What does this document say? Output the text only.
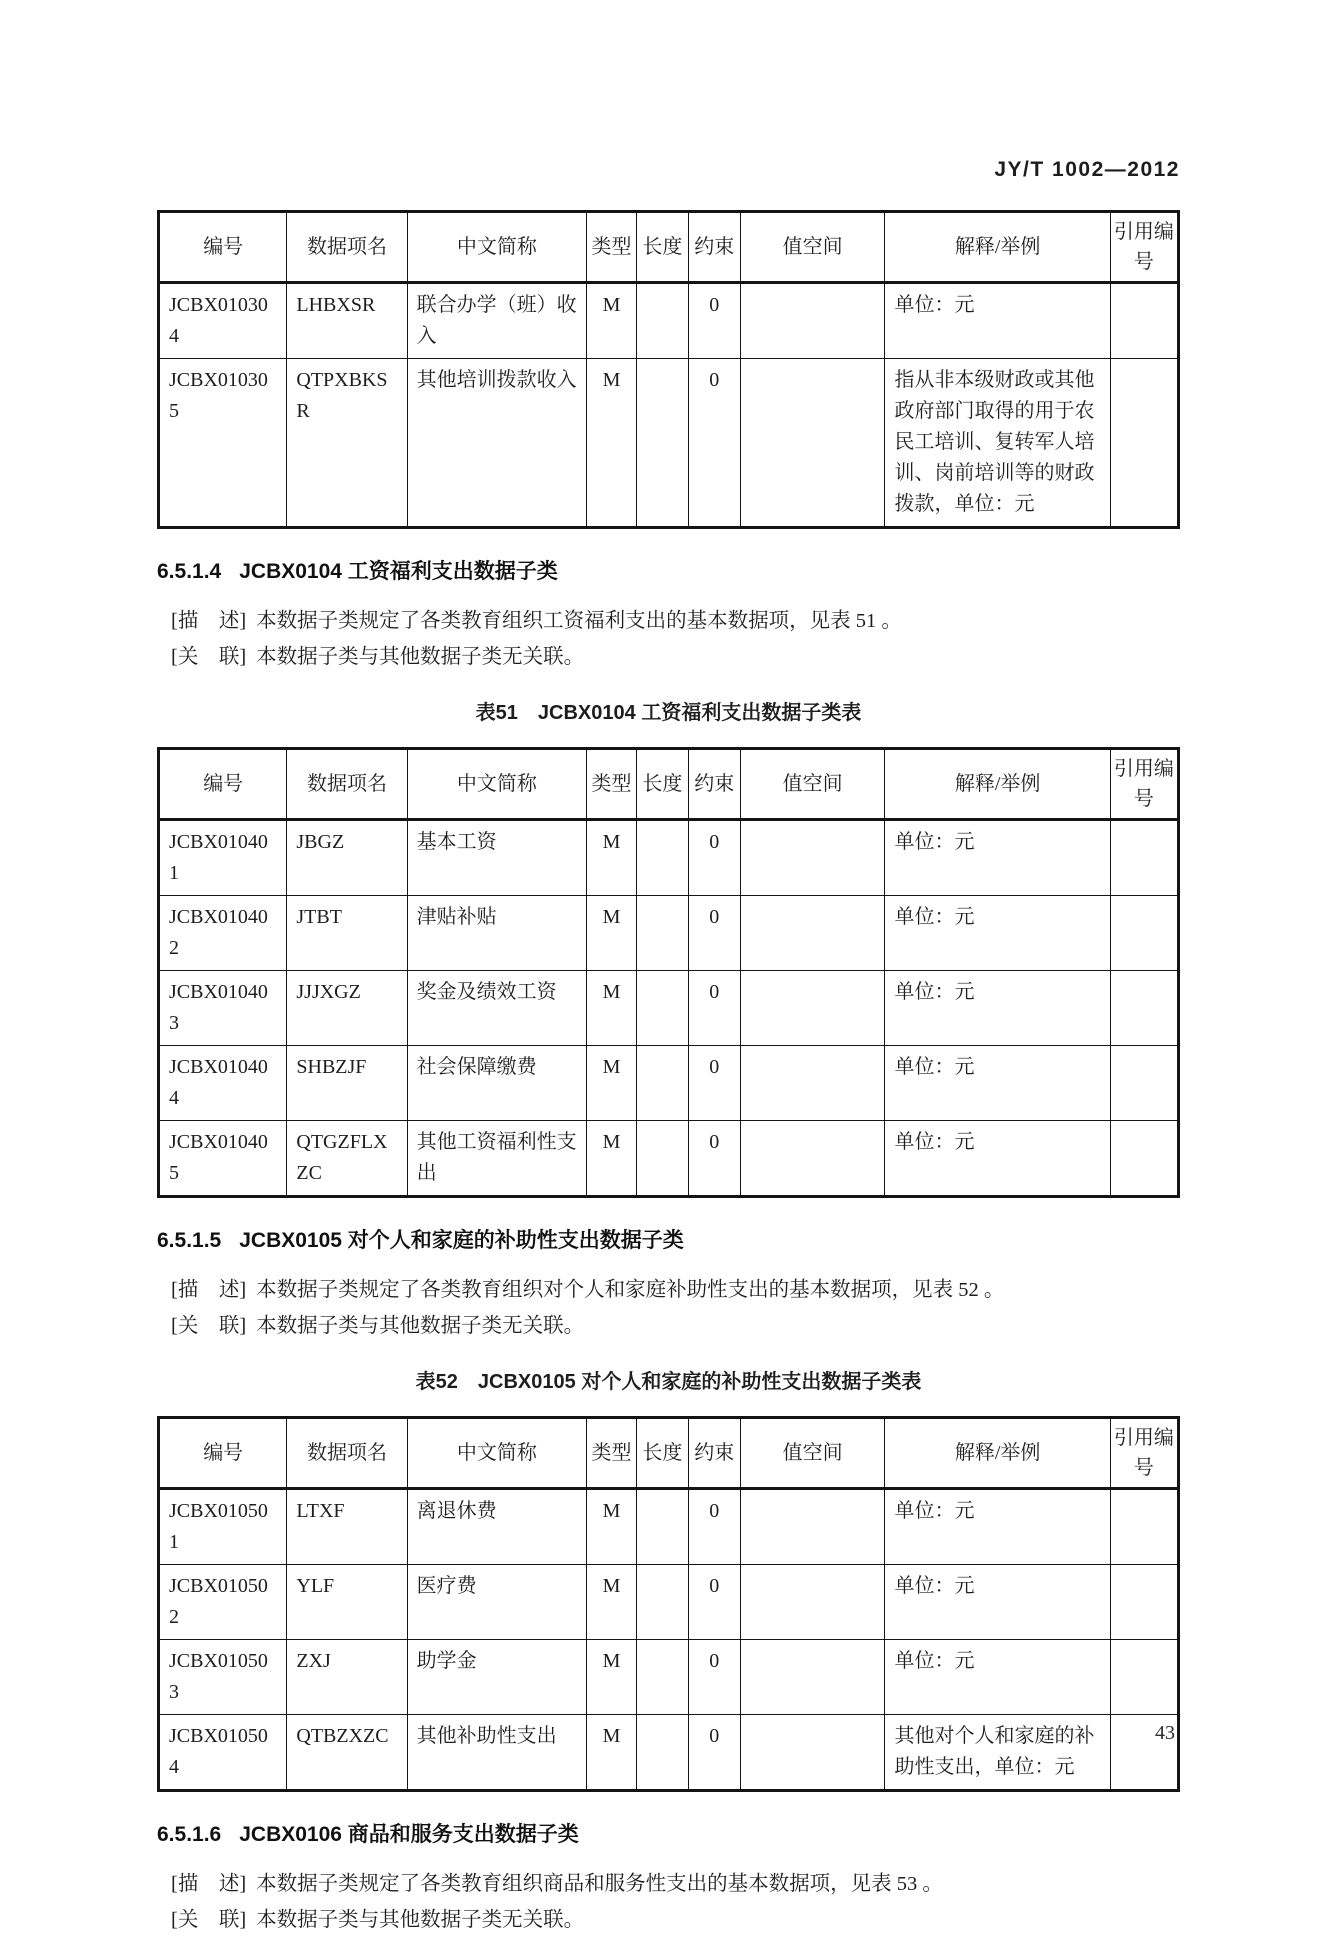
JY/T 1002—2012
编号	数据项名	中文简称	类型	长度	约束	值空间	解释/举例	引用编号
JCBX010304	LHBXSR	联合办学（班）收入	M		0		单位：元	
JCBX010305	QTPXBKSR	其他培训拨款收入	M		0		指从非本级财政或其他政府部门取得的用于农民工培训、复转军人培训、岗前培训等的财政拨款，单位：元	
6.5.1.4 JCBX0104 工资福利支出数据子类

[描　述] 本数据子类规定了各类教育组织工资福利支出的基本数据项，见表 51 。

[关　联] 本数据子类与其他数据子类无关联。

表51　JCBX0104 工资福利支出数据子类表
编号	数据项名	中文简称	类型	长度	约束	值空间	解释/举例	引用编号
JCBX010401	JBGZ	基本工资	M		0		单位：元	
JCBX010402	JTBT	津贴补贴	M		0		单位：元	
JCBX010403	JJJXGZ	奖金及绩效工资	M		0		单位：元	
JCBX010404	SHBZJF	社会保障缴费	M		0		单位：元	
JCBX010405	QTGZFLXZC	其他工资福利性支出	M		0		单位：元	
6.5.1.5 JCBX0105 对个人和家庭的补助性支出数据子类

[描　述] 本数据子类规定了各类教育组织对个人和家庭补助性支出的基本数据项，见表 52 。

[关　联] 本数据子类与其他数据子类无关联。

表52　JCBX0105 对个人和家庭的补助性支出数据子类表
编号	数据项名	中文简称	类型	长度	约束	值空间	解释/举例	引用编号
JCBX010501	LTXF	离退休费	M		0		单位：元	
JCBX010502	YLF	医疗费	M		0		单位：元	
JCBX010503	ZXJ	助学金	M		0		单位：元	
JCBX010504	QTBZXZC	其他补助性支出	M		0		其他对个人和家庭的补助性支出，单位：元	
6.5.1.6 JCBX0106 商品和服务支出数据子类

[描　述] 本数据子类规定了各类教育组织商品和服务性支出的基本数据项，见表 53 。

[关　联] 本数据子类与其他数据子类无关联。

43
